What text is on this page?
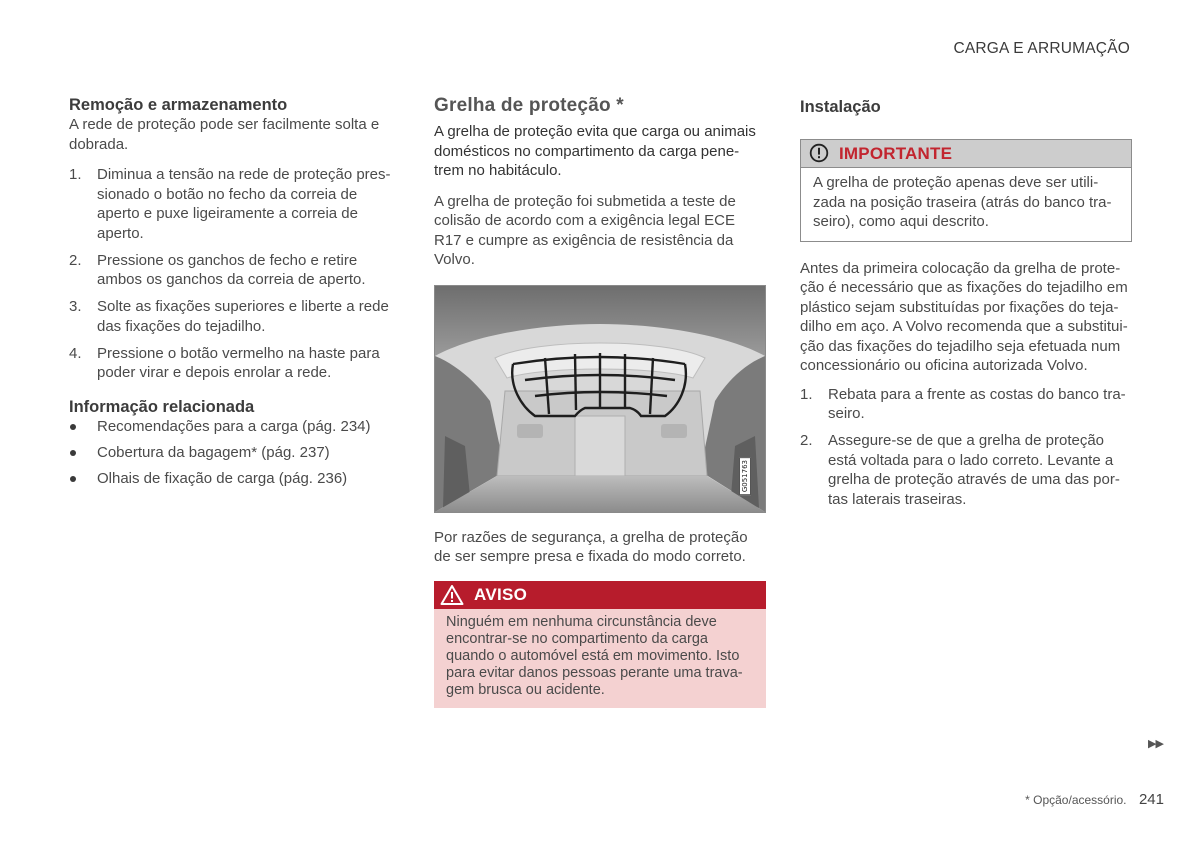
CARGA E ARRUMAÇÃO
Remoção e armazenamento

A rede de proteção pode ser facilmente solta e dobrada.

1. Diminua a tensão na rede de proteção pres-sionado o botão no fecho da correia de aperto e puxe ligeiramente a correia de aperto.
2. Pressione os ganchos de fecho e retire ambos os ganchos da correia de aperto.
3. Solte as fixações superiores e liberte a rede das fixações do tejadilho.
4. Pressione o botão vermelho na haste para poder virar e depois enrolar a rede.
Informação relacionada
Recomendações para a carga (pág. 234)
Cobertura da bagagem* (pág. 237)
Olhais de fixação de carga (pág. 236)
Grelha de proteção *

A grelha de proteção evita que carga ou animais domésticos no compartimento da carga pene-trem no habitáculo.

A grelha de proteção foi submetida a teste de colisão de acordo com a exigência legal ECE R17 e cumpre as exigência de resistência da Volvo.

G051763

Por razões de segurança, a grelha de proteção de ser sempre presa e fixada do modo correto.

AVISO
Ninguém em nenhuma circunstância deve encontrar-se no compartimento da carga quando o automóvel está em movimento. Isto para evitar danos pessoas perante uma trava-gem brusca ou acidente.
Instalação
IMPORTANTE
A grelha de proteção apenas deve ser utili-zada na posição traseira (atrás do banco tra-seiro), como aqui descrito.

Antes da primeira colocação da grelha de prote-ção é necessário que as fixações do tejadilho em plástico sejam substituídas por fixações do teja-dilho em aço. A Volvo recomenda que a substitui-ção das fixações do tejadilho seja efetuada num concessionário ou oficina autorizada Volvo.

1. Rebata para a frente as costas do banco tra-seiro.
2. Assegure-se de que a grelha de proteção está voltada para o lado correto. Levante a grelha de proteção através de uma das por-tas laterais traseiras.
▶▶
* Opção/acessório. 241
